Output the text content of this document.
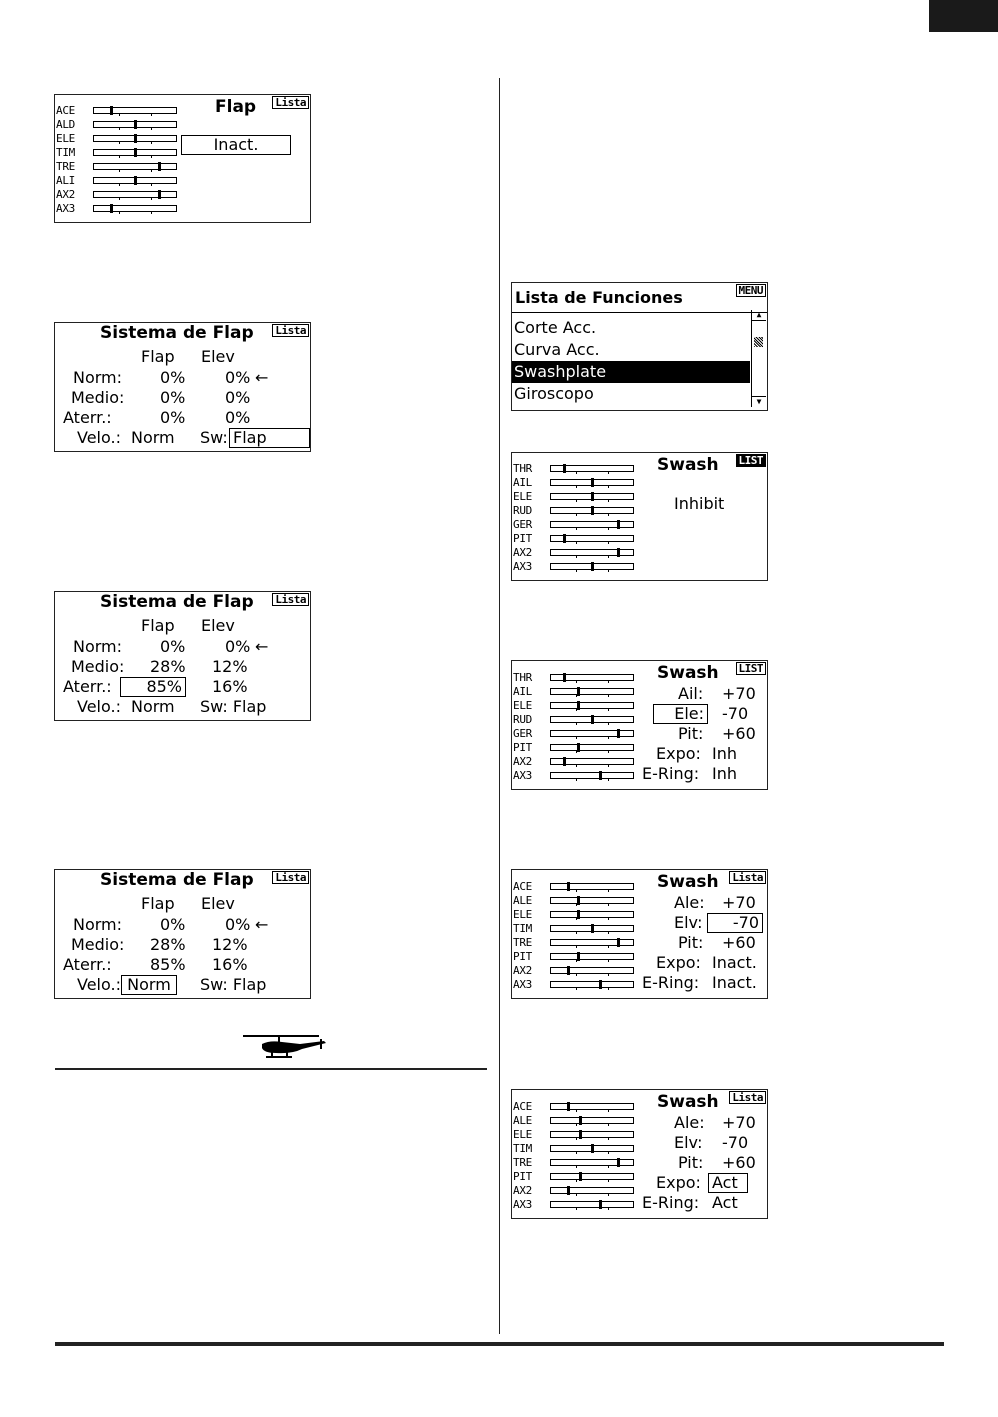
ACE
ALD
ELE
TIM
TRE
ALI
AX2
AX3
Flap Lista
Inact.
Sistema de Flap Lista
Flap Elev
Norm: 0% 0% ←
Medio: 0% 0%
Aterr.:	0% 0%
Velo.: Norm Sw: Flap
Sistema de Flap Lista
Flap Elev
Norm: 0% 0% ←
Medio: 28% 12%
Aterr.:	85% 16%
Velo.: Norm Sw: Flap
Sistema de Flap Lista
Flap Elev
Norm: 0% 0% ←
Medio: 28% 12%
Aterr.: 85% 16%
Velo.: Norm	Sw: Flap
Lista de Funciones	MENU
Corte Acc.
Curva Acc.
Swashplate
Giroscopo
▲
▼
THR
AIL
ELE
RUD
GER
PIT
AX2
AX3
Swash LIST
Inhibit
THR
AIL
ELE
RUD
GER
PIT
AX2
AX3
Swash LIST
Ail: +70
Ele: -70
Pit: +60
Expo: Inh
E-Ring: Inh
ACE
ALE
ELE
TIM
TRE
PIT
AX2
AX3
Swash Lista
Ale: +70
Elv:	-70
Pit: +60
Expo: Inact.
E-Ring: Inact.
ACE
ALE
ELE
TIM
TRE
PIT
AX2
AX3
Swash Lista
Ale: +70
Elv: -70
Pit: +60
Expo: Act
E-Ring: Act
